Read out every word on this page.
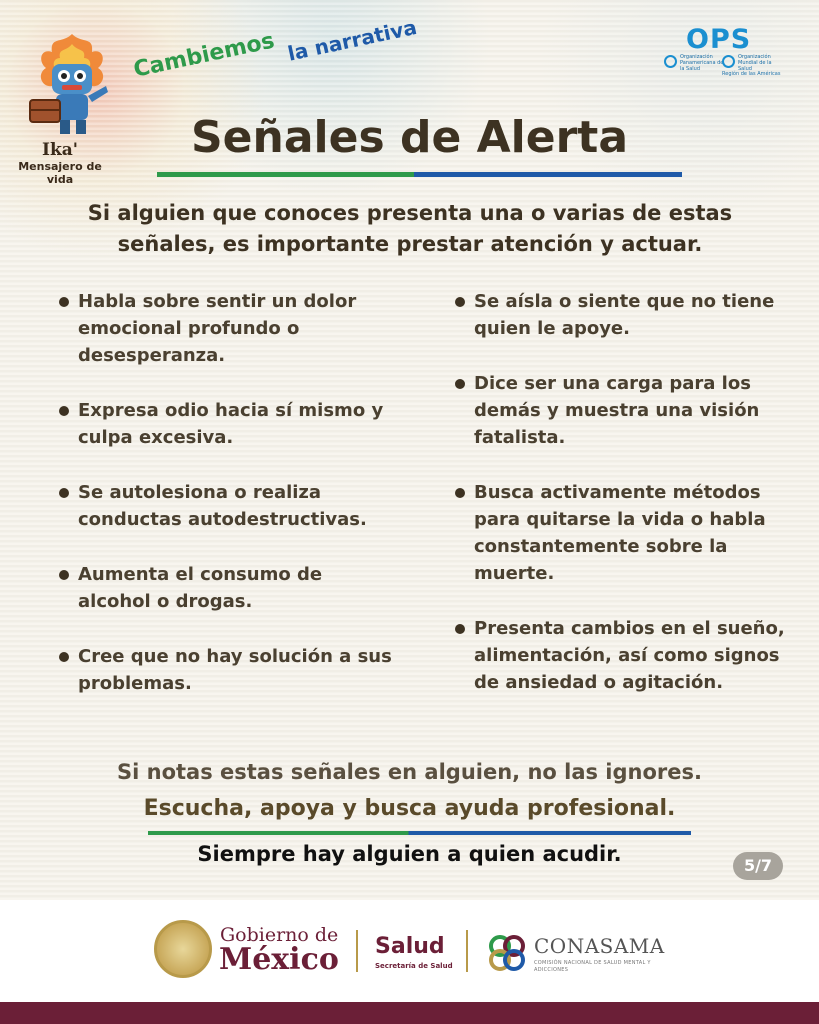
Ika'
Mensajero de vida
Cambiemos la narrativa	OPS
Organización Panamericana de la Salud
Organización Mundial de la Salud
Región de las Américas
Señales de Alerta

Si alguien que conoces presenta una o varias de estas señales, es importante prestar atención y actuar.

Habla sobre sentir un dolor emocional profundo o desesperanza.
Expresa odio hacia sí mismo y culpa excesiva.
Se autolesiona o realiza conductas autodestructivas.
Aumenta el consumo de alcohol o drogas.
Cree que no hay solución a sus problemas.
Se aísla o siente que no tiene quien le apoye.
Dice ser una carga para los demás y muestra una visión fatalista.
Busca activamente métodos para quitarse la vida o habla constantemente sobre la muerte.
Presenta cambios en el sueño, alimentación, así como signos de ansiedad o agitación.

Si notas estas señales en alguien, no las ignores.

Escucha, apoya y busca ayuda profesional.

Siempre hay alguien a quien acudir.	5/7
Gobierno de
México Salud
Secretaría de Salud
CONASAMA
COMISIÓN NACIONAL DE SALUD MENTAL Y ADICCIONES
